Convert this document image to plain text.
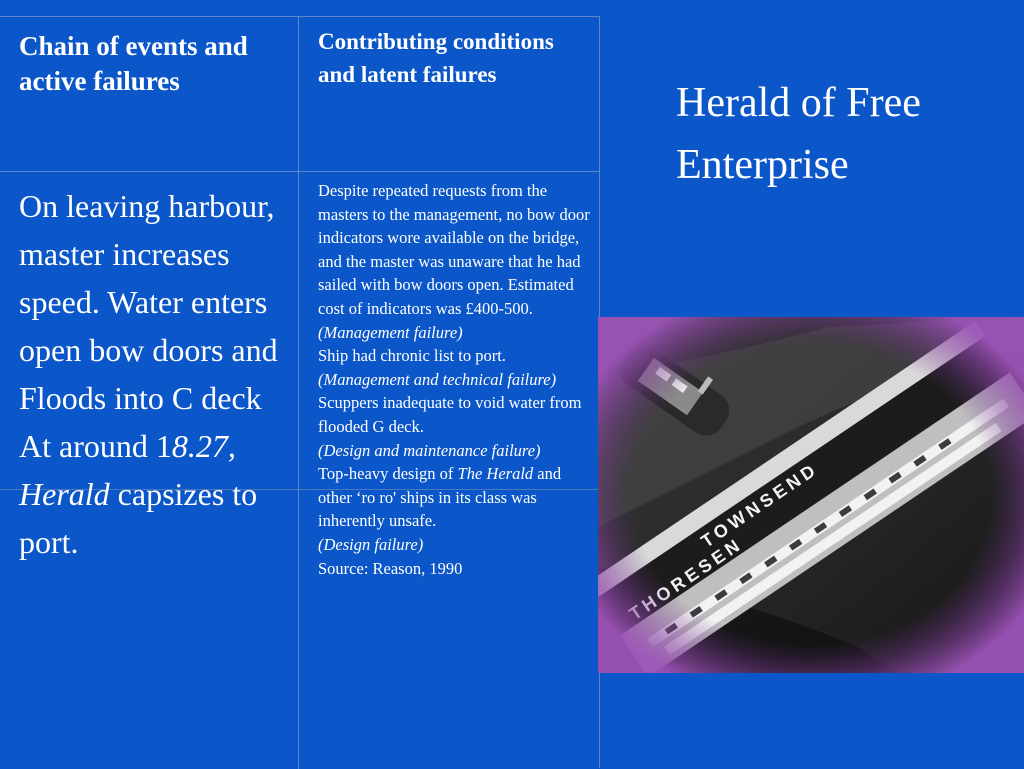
Chain of events and active failures
Contributing conditions and latent failures
On leaving harbour, master increases speed. Water enters open bow doors and Floods into C deck At around 18.27, Herald capsizes to port.

Despite repeated requests from the masters to the management, no bow door indicators wore available on the bridge, and the master was unaware that he had sailed with bow doors open. Estimated cost of indicators was £400-500.

(Management failure)

Ship had chronic list to port.

(Management and technical failure)

Scuppers inadequate to void water from flooded G deck.

(Design and maintenance failure)

Top-heavy design of The Herald and other ‘ro ro' ships in its class was inherently unsafe.

(Design failure)

Source: Reason, 1990

Herald of Free Enterprise
